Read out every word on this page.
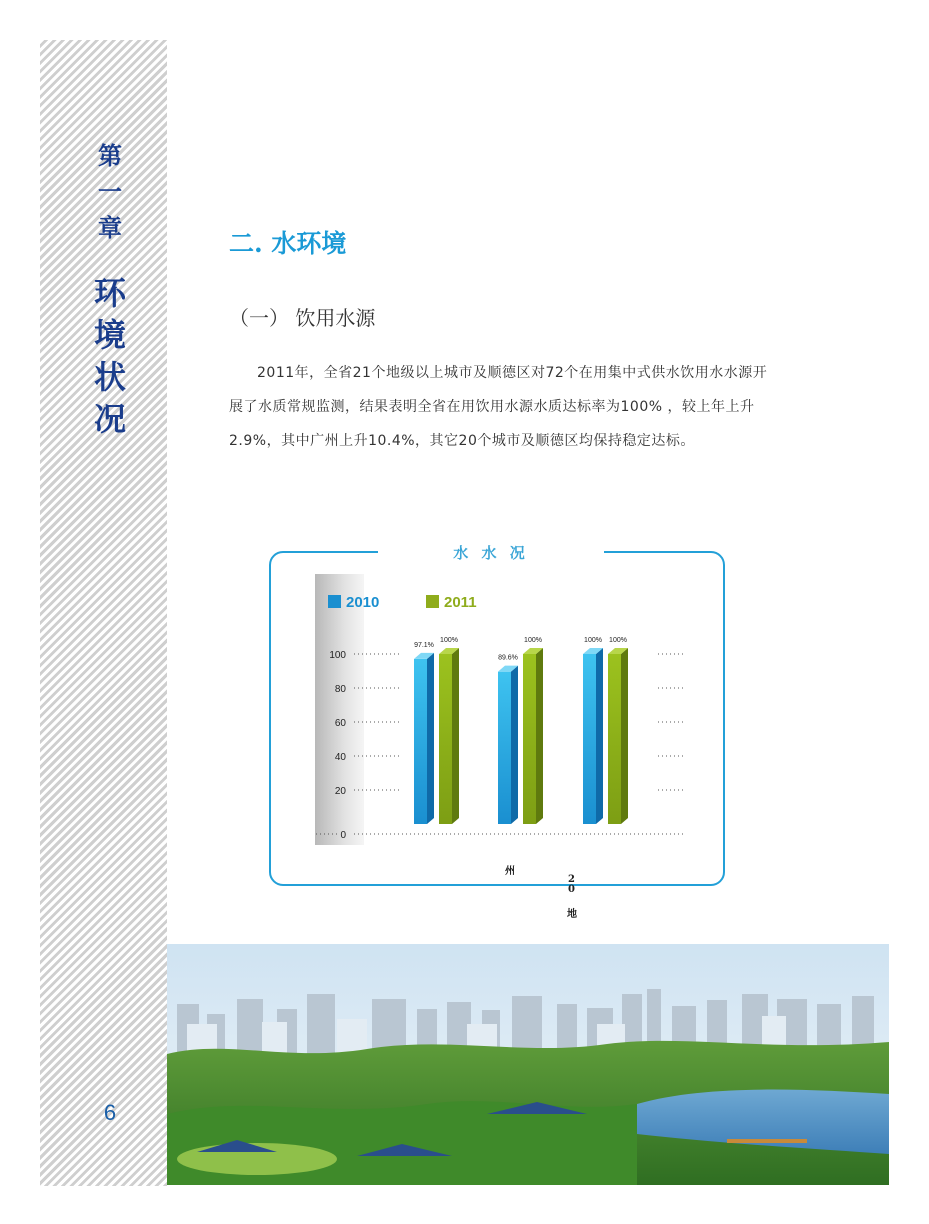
第一章
环境状况
6
二. 水环境
（一） 饮用水源

2011年，全省21个地级以上城市及顺德区对72个在用集中式供水饮用水水源开展了水质常规监测，结果表明全省在用饮用水源水质达标率为100% ，较上年上升2.9%，其中广州上升10.4%，其它20个城市及顺德区均保持稳定达标。

水 水 况
2010	2011
0
20
40
60
80
100
97.1%
89.6%
100%
100%	100%	100%
州
2
0
地
